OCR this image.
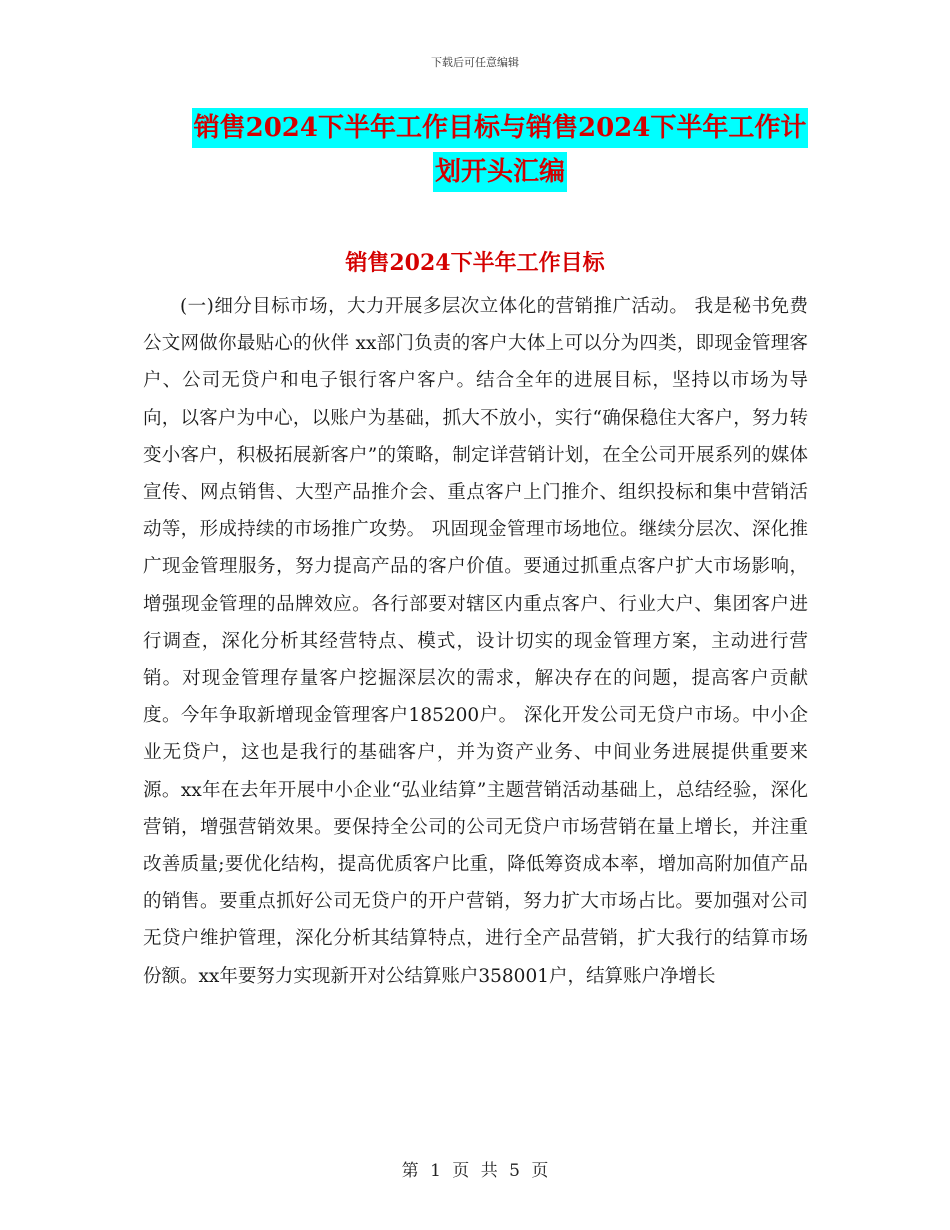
下载后可任意编辑
销售2024下半年工作目标与销售2024下半年工作计
划开头汇编
销售2024下半年工作目标

(一)细分目标市场，大力开展多层次立体化的营销推广活动。 我是秘书免费公文网做你最贴心的伙伴 xx部门负责的客户大体上可以分为四类，即现金管理客户、公司无贷户和电子银行客户客户。结合全年的进展目标，坚持以市场为导向，以客户为中心，以账户为基础，抓大不放小，实行“确保稳住大客户，努力转变小客户，积极拓展新客户”的策略，制定详营销计划，在全公司开展系列的媒体宣传、网点销售、大型产品推介会、重点客户上门推介、组织投标和集中营销活动等，形成持续的市场推广攻势。 巩固现金管理市场地位。继续分层次、深化推广现金管理服务，努力提高产品的客户价值。要通过抓重点客户扩大市场影响，增强现金管理的品牌效应。各行部要对辖区内重点客户、行业大户、集团客户进行调查，深化分析其经营特点、模式，设计切实的现金管理方案，主动进行营销。对现金管理存量客户挖掘深层次的需求，解决存在的问题，提高客户贡献度。今年争取新增现金管理客户185200户。 深化开发公司无贷户市场。中小企业无贷户，这也是我行的基础客户，并为资产业务、中间业务进展提供重要来源。xx年在去年开展中小企业“弘业结算”主题营销活动基础上，总结经验，深化营销，增强营销效果。要保持全公司的公司无贷户市场营销在量上增长，并注重改善质量;要优化结构，提高优质客户比重，降低筹资成本率，增加高附加值产品的销售。要重点抓好公司无贷户的开户营销，努力扩大市场占比。要加强对公司无贷户维护管理，深化分析其结算特点，进行全产品营销，扩大我行的结算市场份额。xx年要努力实现新开对公结算账户358001户，结算账户净增长

第 1 页 共 5 页
